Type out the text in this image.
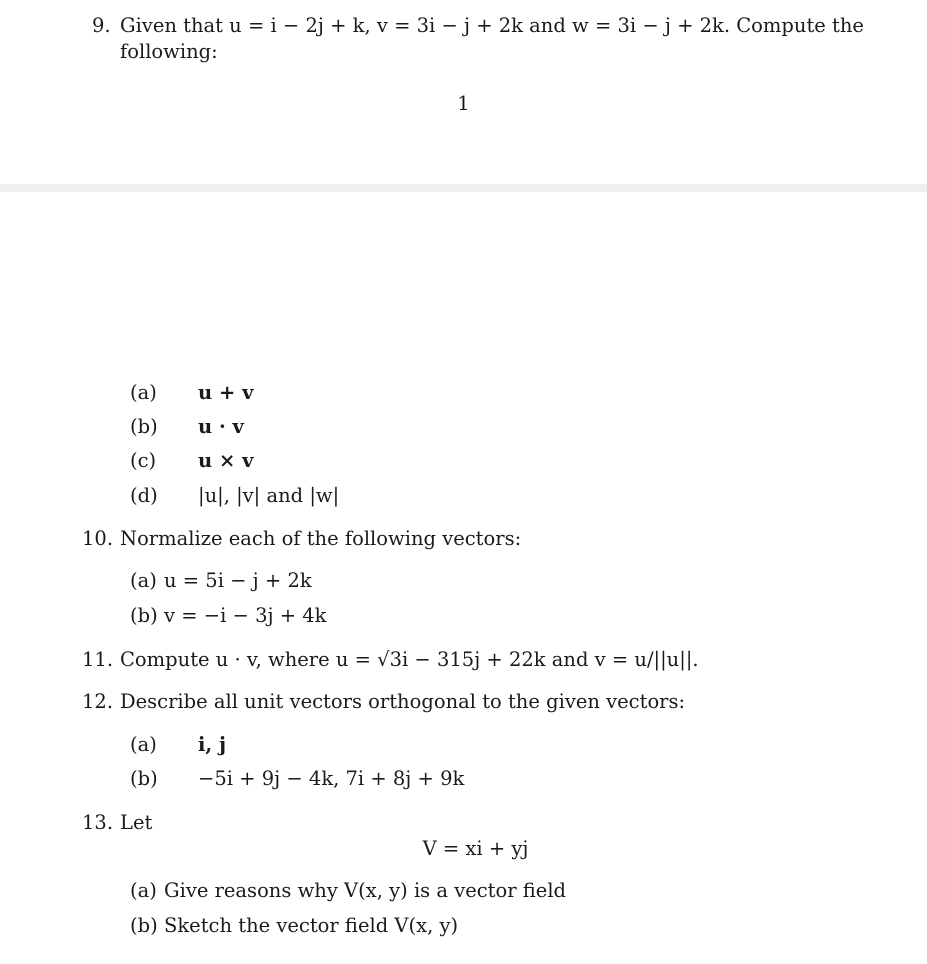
9. Given that u = i − 2j + k, v = 3i − j + 2k and w = 3i − j + 2k. Compute the
following:
1
(a) u + v
(b) u · v
(c) u × v
(d) |u|, |v| and |w|
10. Normalize each of the following vectors:
(a) u = 5i − j + 2k
(b) v = −i − 3j + 4k
11. Compute u · v, where u = √3i − 315j + 22k and v = u/||u||.
12. Describe all unit vectors orthogonal to the given vectors:
(a) i, j
(b) −5i + 9j − 4k, 7i + 8j + 9k
13. Let
V = xi + yj
(a) Give reasons why V(x, y) is a vector field
(b) Sketch the vector field V(x, y)
